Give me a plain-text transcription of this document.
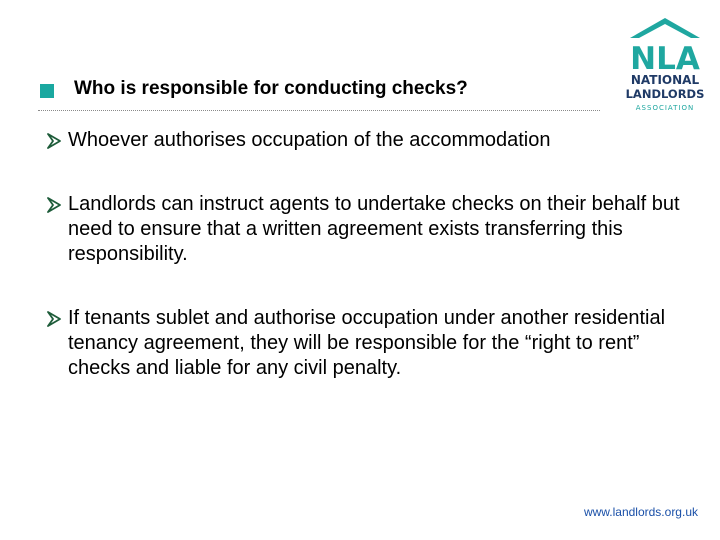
Who is responsible for conducting checks?
NLA
NATIONAL
LANDLORDS
ASSOCIATION
Whoever authorises occupation of the accommodation
Landlords can instruct agents to undertake checks on their behalf but need to ensure that a written agreement exists transferring this responsibility.
If tenants sublet and authorise occupation under another residential tenancy agreement, they will be responsible for the “right to rent” checks and liable for any civil penalty.
www.landlords.org.uk
